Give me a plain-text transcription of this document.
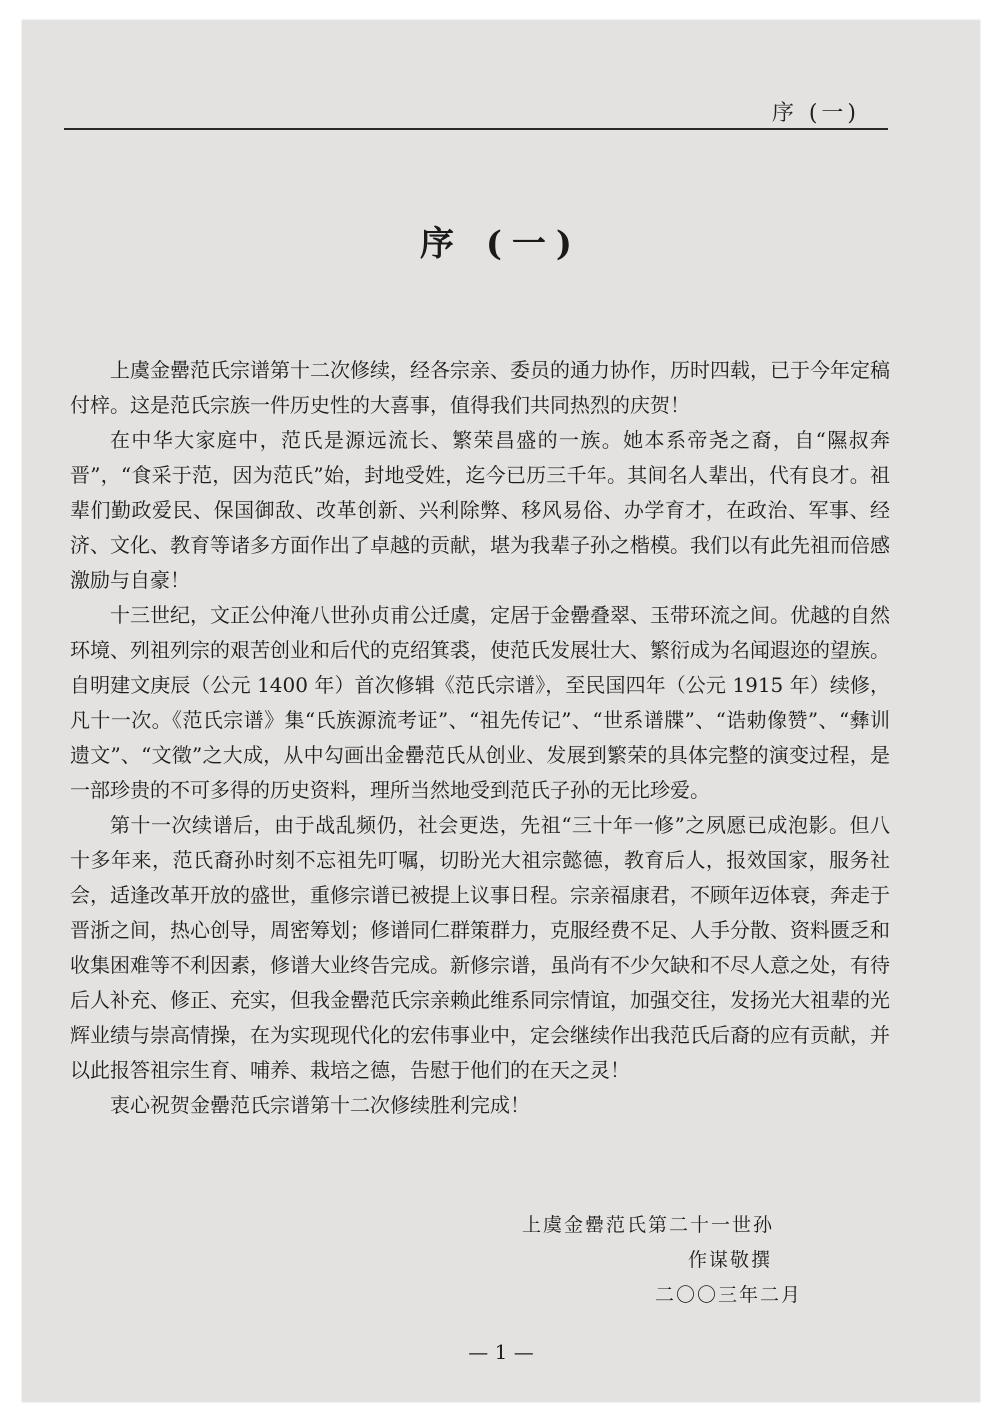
序 (一)
序 (一)

上虞金罍范氏宗谱第十二次修续，经各宗亲、委员的通力协作，历时四载，已于今年定稿付梓。这是范氏宗族一件历史性的大喜事，值得我们共同热烈的庆贺！

在中华大家庭中，范氏是源远流长、繁荣昌盛的一族。她本系帝尧之裔，自“隰叔奔晋”，“食采于范，因为范氏”始，封地受姓，迄今已历三千年。其间名人辈出，代有良才。祖辈们勤政爱民、保国御敌、改革创新、兴利除弊、移风易俗、办学育才，在政治、军事、经济、文化、教育等诸多方面作出了卓越的贡献，堪为我辈子孙之楷模。我们以有此先祖而倍感激励与自豪！

十三世纪，文正公仲淹八世孙贞甫公迁虞，定居于金罍叠翠、玉带环流之间。优越的自然环境、列祖列宗的艰苦创业和后代的克绍箕裘，使范氏发展壮大、繁衍成为名闻遐迩的望族。自明建文庚辰（公元 1400 年）首次修辑《范氏宗谱》，至民国四年（公元 1915 年）续修，凡十一次。《范氏宗谱》集“氏族源流考证”、“祖先传记”、“世系谱牒”、“诰勅像赞”、“彝训遗文”、“文徵”之大成，从中勾画出金罍范氏从创业、发展到繁荣的具体完整的演变过程，是一部珍贵的不可多得的历史资料，理所当然地受到范氏子孙的无比珍爱。

第十一次续谱后，由于战乱频仍，社会更迭，先祖“三十年一修”之夙愿已成泡影。但八十多年来，范氏裔孙时刻不忘祖先叮嘱，切盼光大祖宗懿德，教育后人，报效国家，服务社会，适逢改革开放的盛世，重修宗谱已被提上议事日程。宗亲福康君，不顾年迈体衰，奔走于晋浙之间，热心创导，周密筹划；修谱同仁群策群力，克服经费不足、人手分散、资料匮乏和收集困难等不利因素，修谱大业终告完成。新修宗谱，虽尚有不少欠缺和不尽人意之处，有待后人补充、修正、充实，但我金罍范氏宗亲赖此维系同宗情谊，加强交往，发扬光大祖辈的光辉业绩与崇高情操，在为实现现代化的宏伟事业中，定会继续作出我范氏后裔的应有贡献，并以此报答祖宗生育、哺养、栽培之德，告慰于他们的在天之灵！

衷心祝贺金罍范氏宗谱第十二次修续胜利完成！

上虞金罍范氏第二十一世孙
作谋敬撰
二〇〇三年二月
— 1 —
